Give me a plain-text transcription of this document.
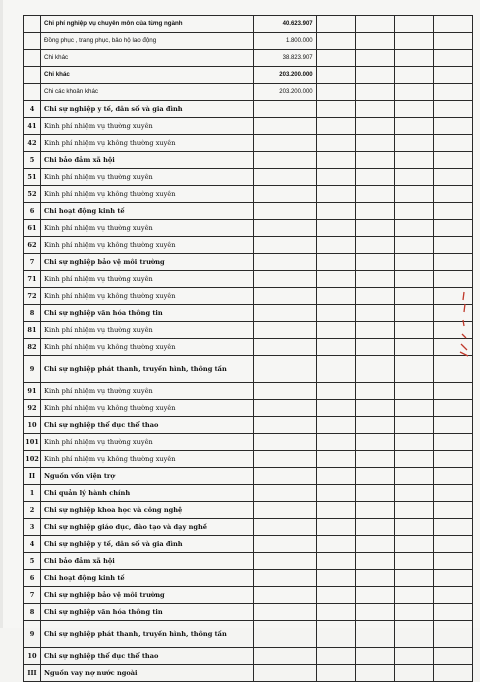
	Chi phí nghiệp vụ chuyên môn của từng ngành	40.623.907				
	Đồng phục , trang phục, bảo hộ lao động	1.800.000				
	Chi khác	38.823.907				
	Chi khác	203.200.000				
	Chi các khoản khác	203.200.000				
4	Chi sự nghiệp y tế, dân số và gia đình					
41	Kinh phí nhiệm vụ thường xuyên					
42	Kinh phí nhiệm vụ không thường xuyên					
5	Chi bảo đảm xã hội					
51	Kinh phí nhiệm vụ thường xuyên					
52	Kinh phí nhiệm vụ không thường xuyên					
6	Chi hoạt động kinh tế					
61	Kinh phí nhiệm vụ thường xuyên					
62	Kinh phí nhiệm vụ không thường xuyên					
7	Chi sự nghiệp bảo vệ môi trường					
71	Kinh phí nhiệm vụ thường xuyên					
72	Kinh phí nhiệm vụ không thường xuyên					
8	Chi sự nghiệp văn hóa thông tin					
81	Kinh phí nhiệm vụ thường xuyên					
82	Kinh phí nhiệm vụ không thường xuyên					
9	Chi sự nghiệp phát thanh, truyền hình, thông tấn					
91	Kinh phí nhiệm vụ thường xuyên					
92	Kinh phí nhiệm vụ không thường xuyên					
10	Chi sự nghiệp thể dục thể thao					
101	Kinh phí nhiệm vụ thường xuyên					
102	Kinh phí nhiệm vụ không thường xuyên					
II	Nguồn vốn viện trợ					
1	Chi quản lý hành chính					
2	Chi sự nghiệp khoa học và công nghệ					
3	Chi sự nghiệp giáo dục, đào tạo và dạy nghề					
4	Chi sự nghiệp y tế, dân số và gia đình					
5	Chi bảo đảm xã hội					
6	Chi hoạt động kinh tế					
7	Chi sự nghiệp bảo vệ môi trường					
8	Chi sự nghiệp văn hóa thông tin					
9	Chi sự nghiệp phát thanh, truyền hình, thông tấn					
10	Chi sự nghiệp thể dục thể thao					
III	Nguồn vay nợ nước ngoài					
